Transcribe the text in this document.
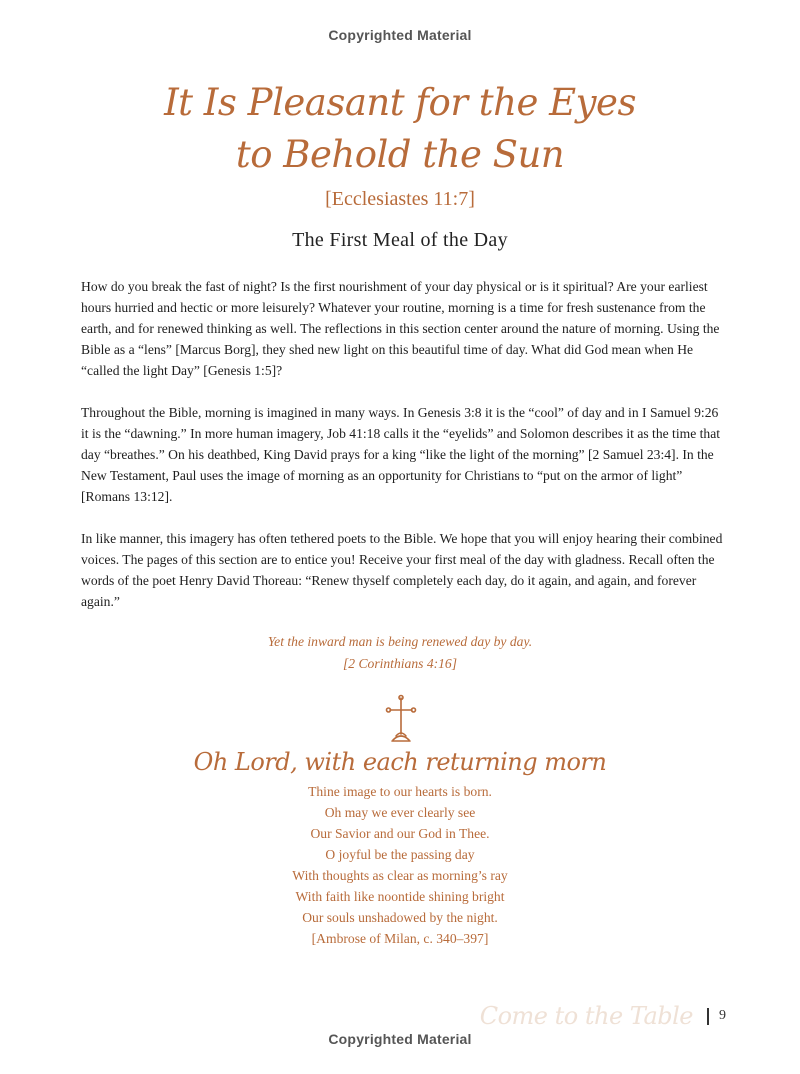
Copyrighted Material
It Is Pleasant for the Eyes
to Behold the Sun
[Ecclesiastes 11:7]
The First Meal of the Day

How do you break the fast of night? Is the first nourishment of your day physical or is it spiritual? Are your earliest hours hurried and hectic or more leisurely? Whatever your routine, morning is a time for fresh sustenance from the earth, and for renewed thinking as well. The reflections in this section center around the nature of morning. Using the Bible as a “lens” [Marcus Borg], they shed new light on this beautiful time of day. What did God mean when He “called the light Day” [Genesis 1:5]?

Throughout the Bible, morning is imagined in many ways. In Genesis 3:8 it is the “cool” of day and in I Samuel 9:26 it is the “dawning.” In more human imagery, Job 41:18 calls it the “eyelids” and Solomon describes it as the time that day “breathes.” On his deathbed, King David prays for a king “like the light of the morning” [2 Samuel 23:4]. In the New Testament, Paul uses the image of morning as an opportunity for Christians to “put on the armor of light” [Romans 13:12].

In like manner, this imagery has often tethered poets to the Bible. We hope that you will enjoy hearing their combined voices. The pages of this section are to entice you! Receive your first meal of the day with gladness. Recall often the words of the poet Henry David Thoreau: “Renew thyself completely each day, do it again, and again, and forever again.”

Yet the inward man is being renewed day by day.
[2 Corinthians 4:16]
Oh Lord, with each returning morn
Thine image to our hearts is born.
Oh may we ever clearly see
Our Savior and our God in Thee.
O joyful be the passing day
With thoughts as clear as morning’s ray
With faith like noontide shining bright
Our souls unshadowed by the night.
[Ambrose of Milan, c. 340–397]
Come to the Table 9
Copyrighted Material
